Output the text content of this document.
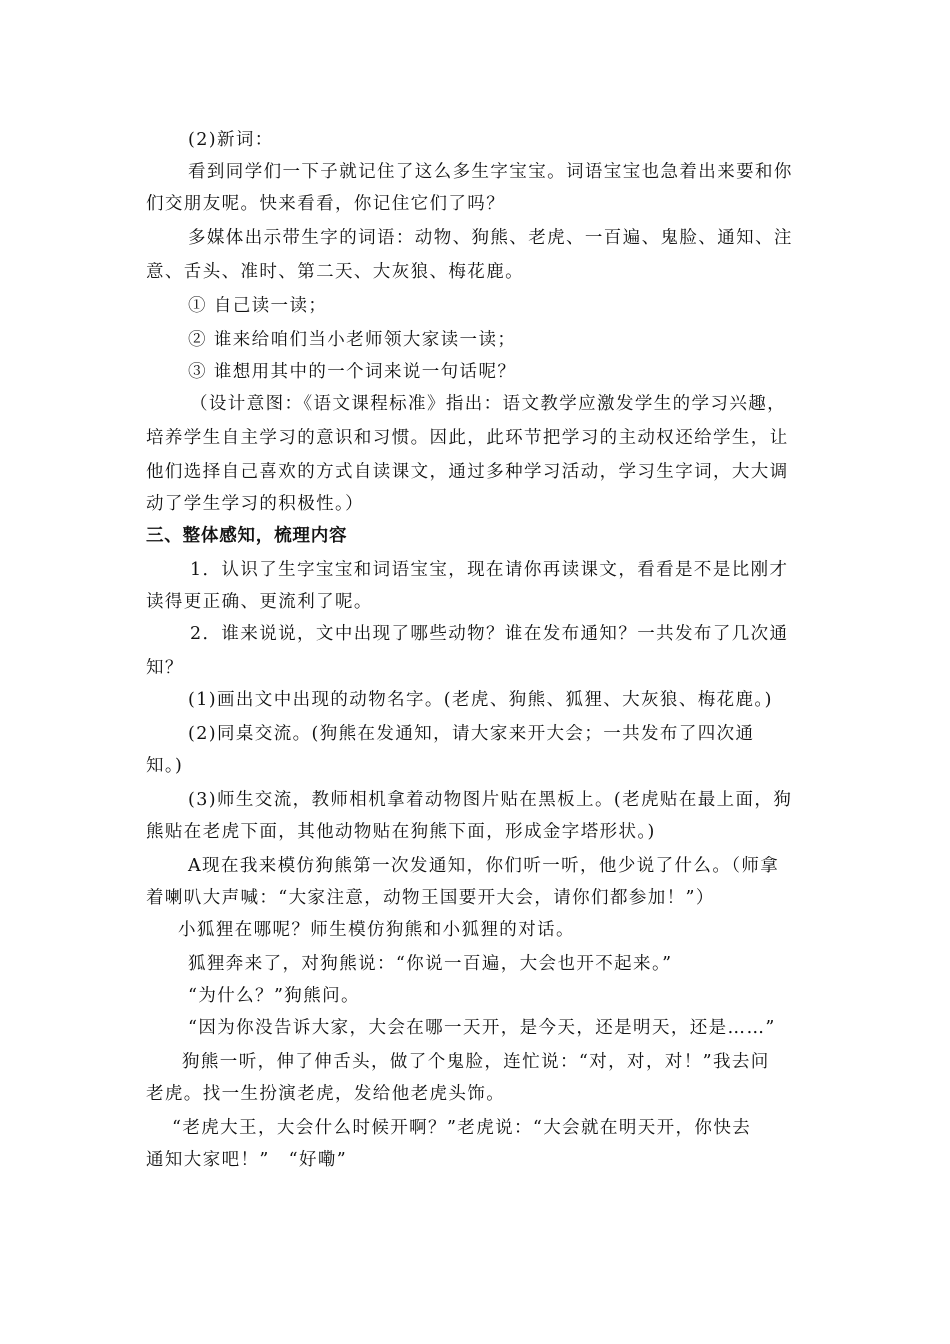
(2)新词：
看到同学们一下子就记住了这么多生字宝宝。词语宝宝也急着出来要和你
们交朋友呢。快来看看，你记住它们了吗？
多媒体出示带生字的词语：动物、狗熊、老虎、一百遍、鬼脸、通知、注
意、舌头、准时、第二天、大灰狼、梅花鹿。
① 自己读一读；
② 谁来给咱们当小老师领大家读一读；
③ 谁想用其中的一个词来说一句话呢？
（设计意图：《语文课程标准》指出：语文教学应激发学生的学习兴趣，
培养学生自主学习的意识和习惯。因此，此环节把学习的主动权还给学生，让
他们选择自己喜欢的方式自读课文，通过多种学习活动，学习生字词，大大调
动了学生学习的积极性。）
三、整体感知，梳理内容
1．认识了生字宝宝和词语宝宝，现在请你再读课文，看看是不是比刚才
读得更正确、更流利了呢。
2．谁来说说，文中出现了哪些动物？谁在发布通知？一共发布了几次通
知？
(1)画出文中出现的动物名字。(老虎、狗熊、狐狸、大灰狼、梅花鹿。)
(2)同桌交流。(狗熊在发通知，请大家来开大会；一共发布了四次通
知。)
(3)师生交流，教师相机拿着动物图片贴在黑板上。(老虎贴在最上面，狗
熊贴在老虎下面，其他动物贴在狗熊下面，形成金字塔形状。)
A现在我来模仿狗熊第一次发通知，你们听一听，他少说了什么。（师拿
着喇叭大声喊：“大家注意，动物王国要开大会，请你们都参加！”）
小狐狸在哪呢？师生模仿狗熊和小狐狸的对话。
狐狸奔来了，对狗熊说：“你说一百遍，大会也开不起来。”
“为什么？”狗熊问。
“因为你没告诉大家，大会在哪一天开，是今天，还是明天，还是……”
狗熊一听，伸了伸舌头，做了个鬼脸，连忙说：“对，对，对！”我去问
老虎。找一生扮演老虎，发给他老虎头饰。
“老虎大王，大会什么时候开啊？”老虎说：“大会就在明天开，你快去
通知大家吧！”　“好嘞”
